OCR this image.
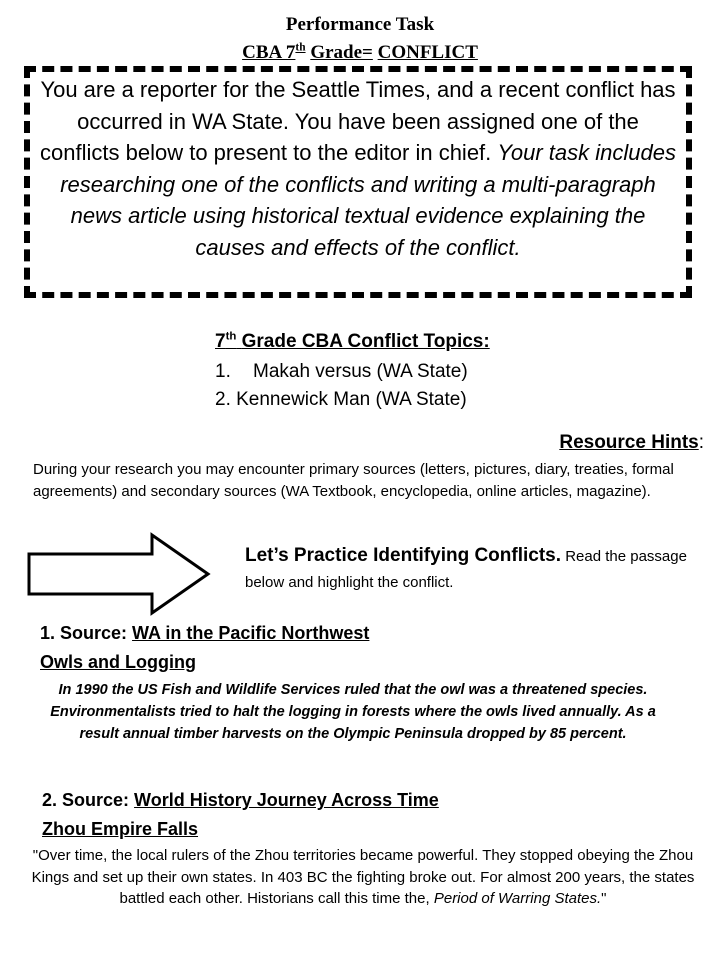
Performance Task
CBA 7th Grade= CONFLICT
You are a reporter for the Seattle Times, and a recent conflict has occurred in WA State. You have been assigned one of the conflicts below to present to the editor in chief. Your task includes researching one of the conflicts and writing a multi-paragraph news article using historical textual evidence explaining the causes and effects of the conflict.
7th Grade CBA Conflict Topics:
1. Makah versus (WA State)
2. Kennewick Man (WA State)
Resource Hints:
During your research you may encounter primary sources (letters, pictures, diary, treaties, formal agreements) and secondary sources (WA Textbook, encyclopedia, online articles, magazine).
Let’s Practice Identifying Conflicts. Read the passage below and highlight the conflict.
1. Source: WA in the Pacific Northwest
Owls and Logging
In 1990 the US Fish and Wildlife Services ruled that the owl was a threatened species. Environmentalists tried to halt the logging in forests where the owls lived annually. As a result annual timber harvests on the Olympic Peninsula dropped by 85 percent.
2. Source: World History Journey Across Time
Zhou Empire Falls
"Over time, the local rulers of the Zhou territories became powerful. They stopped obeying the Zhou Kings and set up their own states. In 403 BC the fighting broke out. For almost 200 years, the states battled each other. Historians call this time the, Period of Warring States."
